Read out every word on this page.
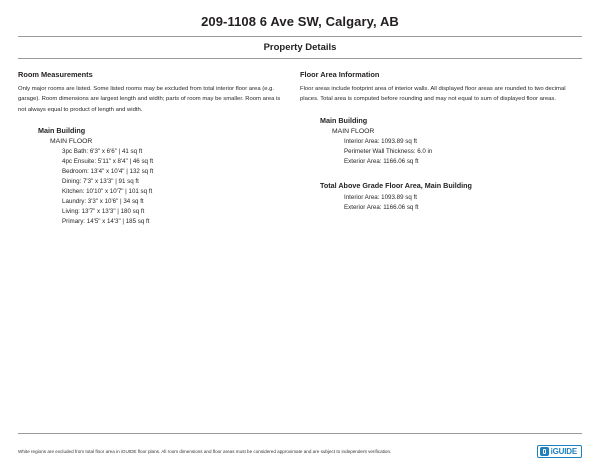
209-1108 6 Ave SW, Calgary, AB
Property Details
Room Measurements
Only major rooms are listed. Some listed rooms may be excluded from total interior floor area (e.g. garage). Room dimensions are largest length and width; parts of room may be smaller. Room area is not always equal to product of length and width.
Main Building
MAIN FLOOR
3pc Bath: 6'3" x 6'6" | 41 sq ft
4pc Ensuite: 5'11" x 8'4" | 46 sq ft
Bedroom: 13'4" x 10'4" | 132 sq ft
Dining: 7'3" x 13'3" | 91 sq ft
Kitchen: 10'10" x 10'7" | 101 sq ft
Laundry: 3'3" x 10'6" | 34 sq ft
Living: 13'7" x 13'3" | 180 sq ft
Primary: 14'5" x 14'3" | 185 sq ft
Floor Area Information
Floor areas include footprint area of interior walls. All displayed floor areas are rounded to two decimal places. Total area is computed before rounding and may not equal to sum of displayed floor areas.
Main Building
MAIN FLOOR
Interior Area: 1093.89 sq ft
Perimeter Wall Thickness: 6.0 in
Exterior Area: 1166.06 sq ft
Total Above Grade Floor Area, Main Building
Interior Area: 1093.89 sq ft
Exterior Area: 1166.06 sq ft
White regions are excluded from total floor area in iGUIDE floor plans. All room dimensions and floor areas must be considered approximate and are subject to independent verification.	iGUIDE
